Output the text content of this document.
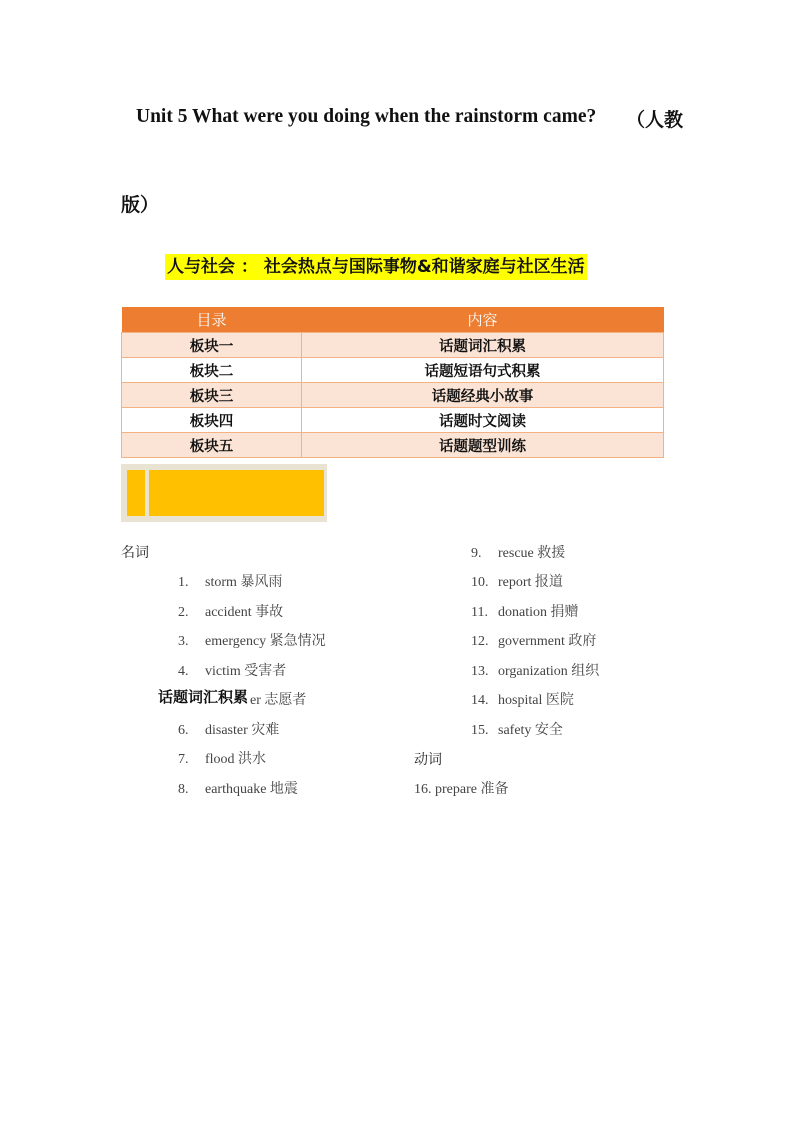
Unit 5 What were you doing when the rainstorm came? （人教
版）
人与社会 ： 社会热点与国际事物&和谐家庭与社区生活
目录	内容
板块一	话题词汇积累
板块二	话题短语句式积累
板块三	话题经典小故事
板块四	话题时文阅读
板块五	话题题型训练
名词
1. storm 暴风雨
2. accident 事故
3. emergency 紧急情况
4. victim 受害者
er 志愿者
6. disaster 灾难
7. flood 洪水
8. earthquake 地震
话题词汇积累
9. rescue 救援
10. report 报道
11. donation 捐赠
12. government 政府
13. organization 组织
14. hospital 医院
15. safety 安全
动词
16. prepare 准备
